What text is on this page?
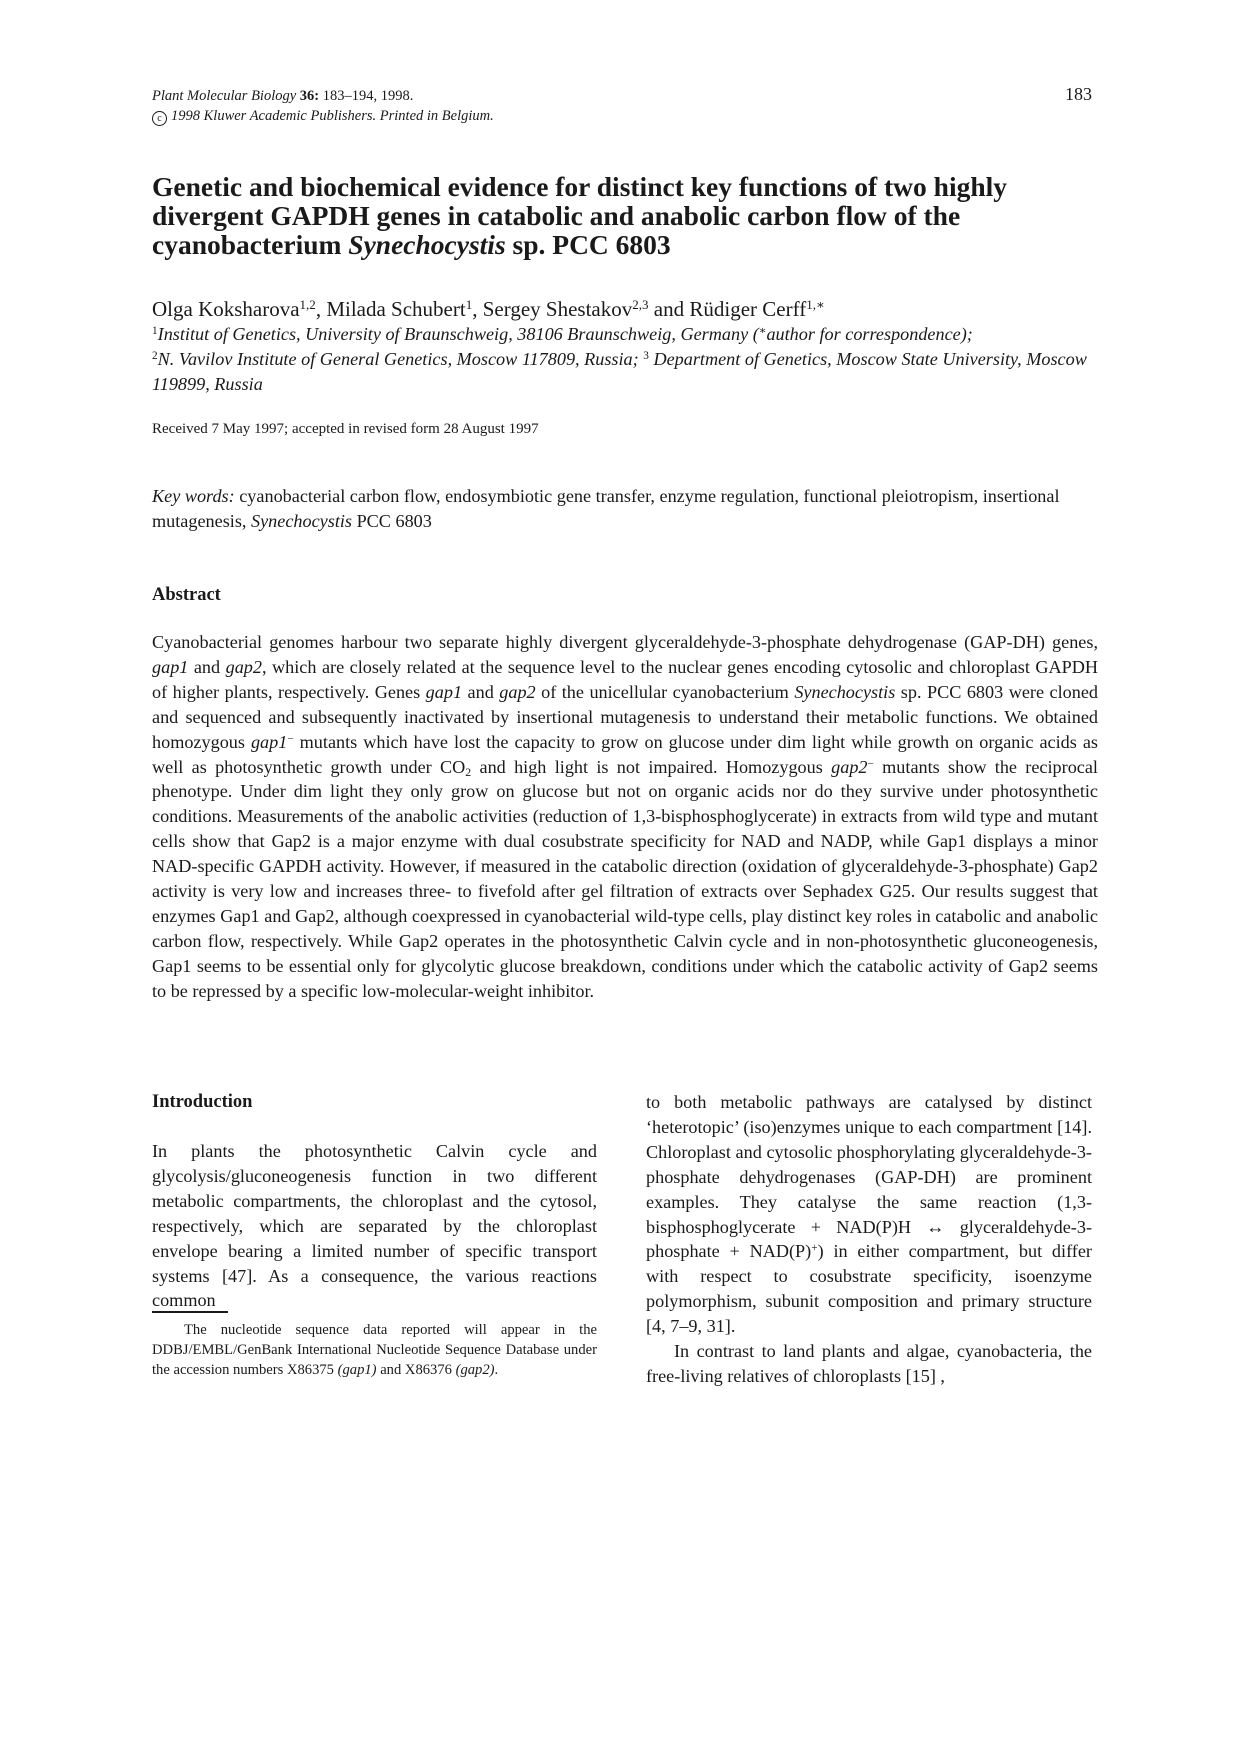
Plant Molecular Biology 36: 183–194, 1998.
c 1998 Kluwer Academic Publishers. Printed in Belgium.
183
Genetic and biochemical evidence for distinct key functions of two highly divergent GAPDH genes in catabolic and anabolic carbon flow of the cyanobacterium Synechocystis sp. PCC 6803
Olga Koksharova$^{1,2}$, Milada Schubert$^1$, Sergey Shestakov$^{2,3}$ and Rüdiger Cerff$^{1,∗}$
$^1$Institut of Genetics, University of Braunschweig, 38106 Braunschweig, Germany (∗author for correspondence);
$^2$N. Vavilov Institute of General Genetics, Moscow 117809, Russia; $^3$ Department of Genetics, Moscow State University, Moscow 119899, Russia
Received 7 May 1997; accepted in revised form 28 August 1997
Key words: cyanobacterial carbon flow, endosymbiotic gene transfer, enzyme regulation, functional pleiotropism, insertional mutagenesis, Synechocystis PCC 6803
Abstract

Cyanobacterial genomes harbour two separate highly divergent glyceraldehyde-3-phosphate dehydrogenase (GAP-DH) genes, gap1 and gap2, which are closely related at the sequence level to the nuclear genes encoding cytosolic and chloroplast GAPDH of higher plants, respectively. Genes gap1 and gap2 of the unicellular cyanobacterium Synechocystis sp. PCC 6803 were cloned and sequenced and subsequently inactivated by insertional mutagenesis to understand their metabolic functions. We obtained homozygous gap1− mutants which have lost the capacity to grow on glucose under dim light while growth on organic acids as well as photosynthetic growth under $CO_2$ and high light is not impaired. Homozygous gap2− mutants show the reciprocal phenotype. Under dim light they only grow on glucose but not on organic acids nor do they survive under photosynthetic conditions. Measurements of the anabolic activities (reduction of 1,3-bisphosphoglycerate) in extracts from wild type and mutant cells show that Gap2 is a major enzyme with dual cosubstrate specificity for NAD and NADP, while Gap1 displays a minor NAD-specific GAPDH activity. However, if measured in the catabolic direction (oxidation of glyceraldehyde-3-phosphate) Gap2 activity is very low and increases three- to fivefold after gel filtration of extracts over Sephadex G25. Our results suggest that enzymes Gap1 and Gap2, although coexpressed in cyanobacterial wild-type cells, play distinct key roles in catabolic and anabolic carbon flow, respectively. While Gap2 operates in the photosynthetic Calvin cycle and in non-photosynthetic gluconeogenesis, Gap1 seems to be essential only for glycolytic glucose breakdown, conditions under which the catabolic activity of Gap2 seems to be repressed by a specific low-molecular-weight inhibitor.

Introduction

In plants the photosynthetic Calvin cycle and glycolysis/gluconeogenesis function in two different metabolic compartments, the chloroplast and the cytosol, respectively, which are separated by the chloroplast envelope bearing a limited number of specific transport systems [47]. As a consequence, the various reactions common

The nucleotide sequence data reported will appear in the DDBJ/EMBL/GenBank International Nucleotide Sequence Database under the accession numbers X86375 (gap1) and X86376 (gap2).

to both metabolic pathways are catalysed by distinct ‘heterotopic’ (iso)enzymes unique to each compartment [14]. Chloroplast and cytosolic phosphorylating glyceraldehyde-3-phosphate dehydrogenases (GAP-DH) are prominent examples. They catalyse the same reaction (1,3-bisphosphoglycerate + NAD(P)H ↔ glyceraldehyde-3-phosphate + NAD(P)+) in either compartment, but differ with respect to cosubstrate specificity, isoenzyme polymorphism, subunit composition and primary structure [4, 7–9, 31].

In contrast to land plants and algae, cyanobacteria, the free-living relatives of chloroplasts [15] ,
